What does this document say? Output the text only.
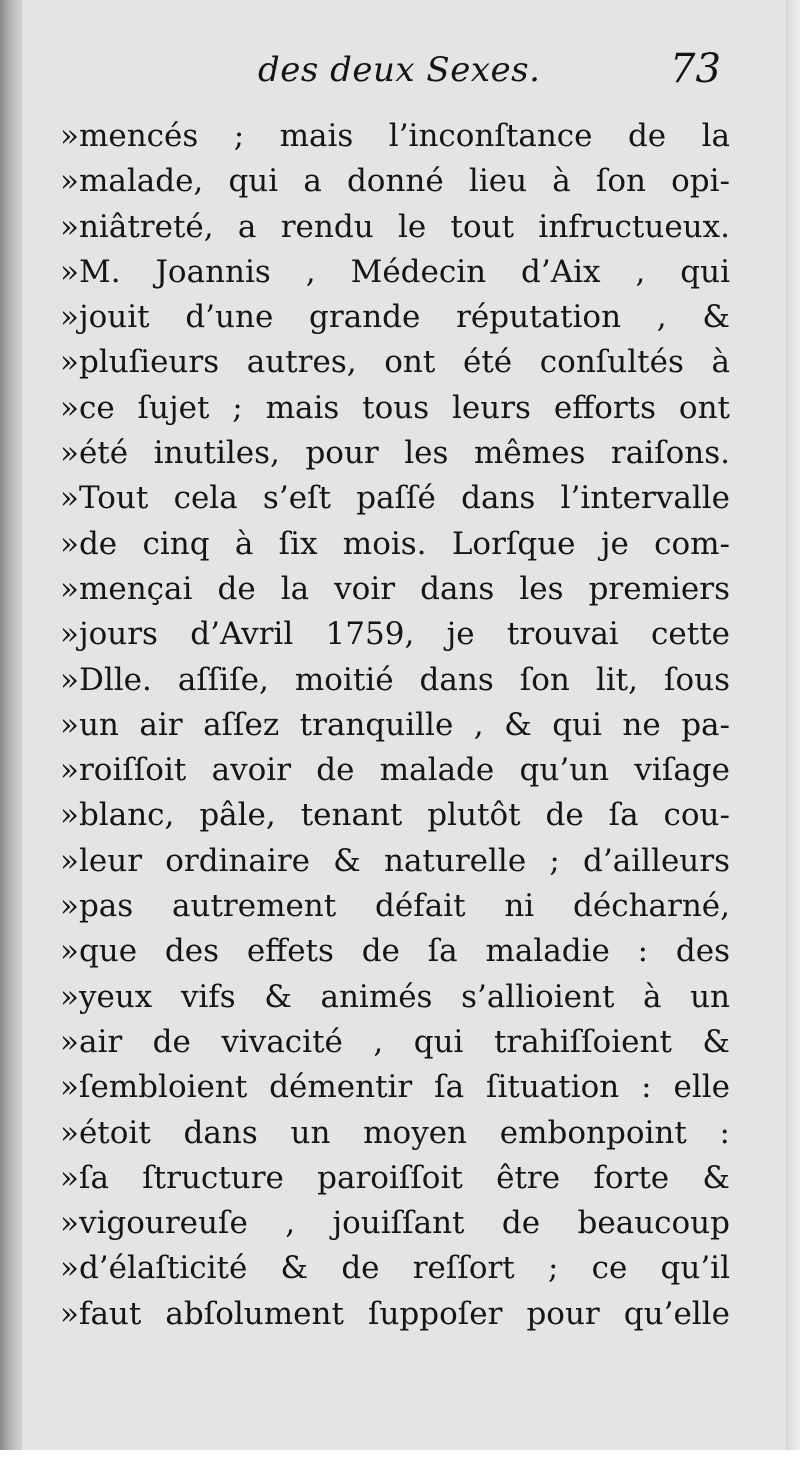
des deux Sexes.	73
»mencés ; mais l’inconſtance de la
»malade, qui a donné lieu à ſon opi-
»niâtreté, a rendu le tout infructueux.
»M. Joannis , Médecin d’Aix , qui
»jouit d’une grande réputation , &
»pluſieurs autres, ont été conſultés à
»ce ſujet ; mais tous leurs efforts ont
»été inutiles, pour les mêmes raiſons.
»Tout cela s’eſt paſſé dans l’intervalle
»de cinq à ſix mois. Lorſque je com-
»mençai de la voir dans les premiers
»jours d’Avril 1759, je trouvai cette
»Dlle. aſſiſe, moitié dans ſon lit, ſous
»un air aſſez tranquille , & qui ne pa-
»roiſſoit avoir de malade qu’un viſage
»blanc, pâle, tenant plutôt de ſa cou-
»leur ordinaire & naturelle ; d’ailleurs
»pas autrement défait ni décharné,
»que des effets de ſa maladie : des
»yeux vifs & animés s’allioient à un
»air de vivacité , qui trahiſſoient &
»ſembloient démentir ſa ſituation : elle
»étoit dans un moyen embonpoint :
»ſa ſtructure paroiſſoit être forte &
»vigoureuſe , jouiſſant de beaucoup
»d’élaſticité & de reſſort ; ce qu’il
»faut abſolument ſuppoſer pour qu’elle
